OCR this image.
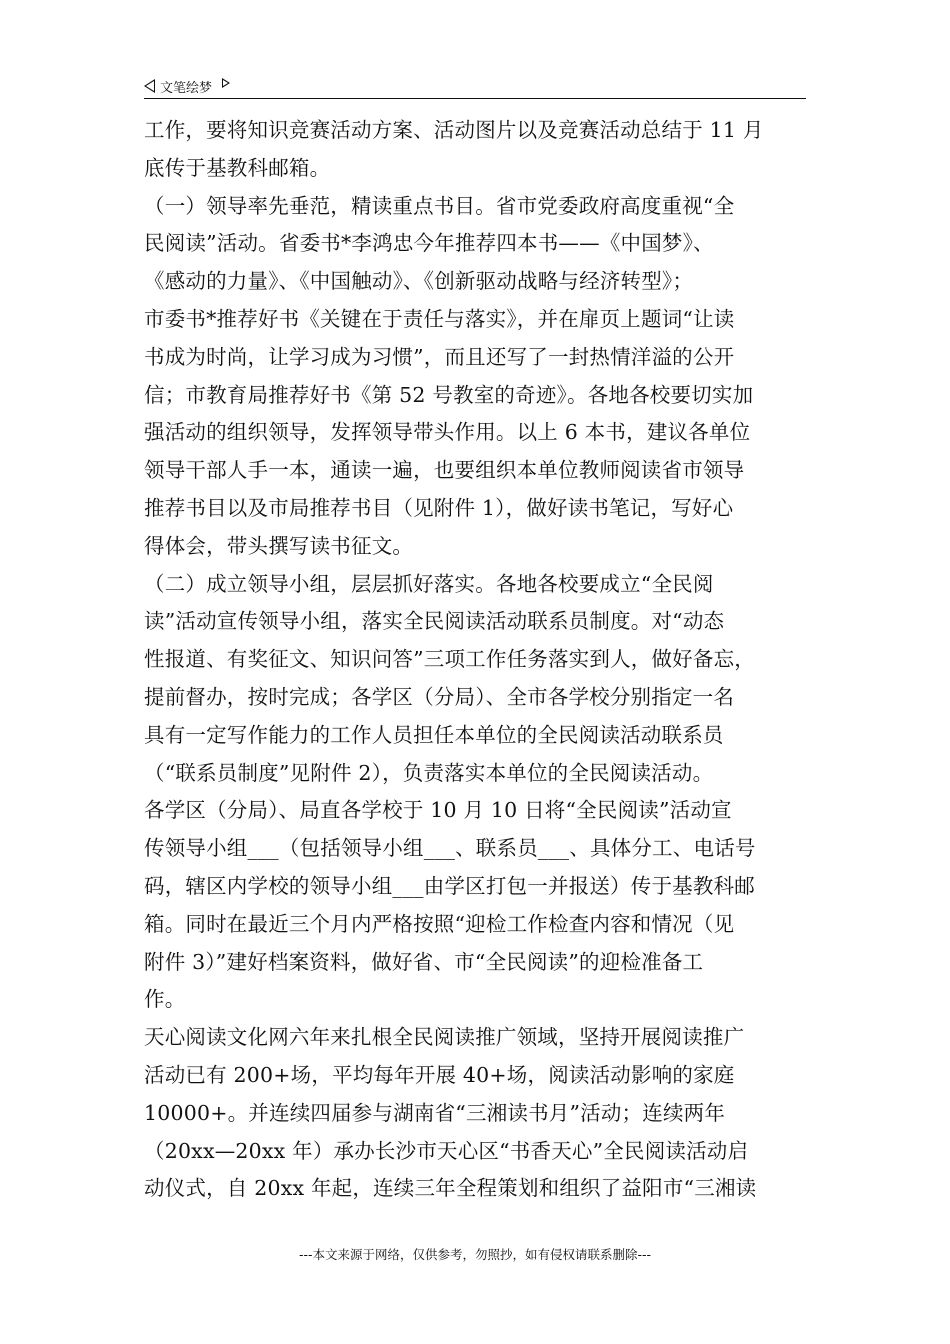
文笔绘梦
工作，要将知识竞赛活动方案、活动图片以及竞赛活动总结于 11 月
底传于基教科邮箱。
（一）领导率先垂范，精读重点书目。省市党委政府高度重视“全
民阅读”活动。省委书*李鸿忠今年推荐四本书——《中国梦》、
《感动的力量》、《中国触动》、《创新驱动战略与经济转型》；
市委书*推荐好书《关键在于责任与落实》，并在扉页上题词“让读
书成为时尚，让学习成为习惯”，而且还写了一封热情洋溢的公开
信；市教育局推荐好书《第 52 号教室的奇迹》。各地各校要切实加
强活动的组织领导，发挥领导带头作用。以上 6 本书，建议各单位
领导干部人手一本，通读一遍，也要组织本单位教师阅读省市领导
推荐书目以及市局推荐书目（见附件 1），做好读书笔记，写好心
得体会，带头撰写读书征文。
（二）成立领导小组，层层抓好落实。各地各校要成立“全民阅
读”活动宣传领导小组，落实全民阅读活动联系员制度。对“动态
性报道、有奖征文、知识问答”三项工作任务落实到人，做好备忘，
提前督办，按时完成；各学区（分局）、全市各学校分别指定一名
具有一定写作能力的工作人员担任本单位的全民阅读活动联系员
（“联系员制度”见附件 2），负责落实本单位的全民阅读活动。
各学区（分局）、局直各学校于 10 月 10 日将“全民阅读”活动宣
传领导小组___（包括领导小组___、联系员___、具体分工、电话号
码，辖区内学校的领导小组___由学区打包一并报送）传于基教科邮
箱。同时在最近三个月内严格按照“迎检工作检查内容和情况（见
附件 3）”建好档案资料，做好省、市“全民阅读”的迎检准备工
作。
天心阅读文化网六年来扎根全民阅读推广领域，坚持开展阅读推广
活动已有 200+场，平均每年开展 40+场，阅读活动影响的家庭
10000+。并连续四届参与湖南省“三湘读书月”活动；连续两年
（20xx—20xx 年）承办长沙市天心区“书香天心”全民阅读活动启
动仪式，自 20xx 年起，连续三年全程策划和组织了益阳市“三湘读
---本文来源于网络，仅供参考，勿照抄，如有侵权请联系删除---
